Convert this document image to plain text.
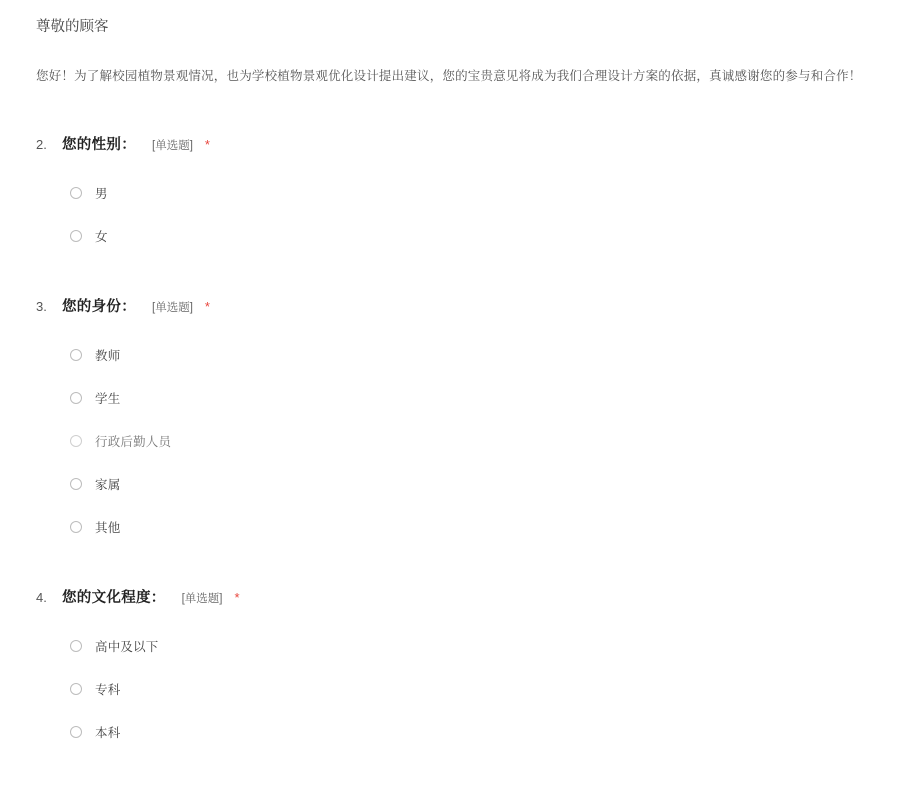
尊敬的顾客
您好！为了解校园植物景观情况，也为学校植物景观优化设计提出建议，您的宝贵意见将成为我们合理设计方案的依据，真诚感谢您的参与和合作！
2.	您的性别： [单选题] *
男
女
3.	您的身份： [单选题] *
教师
学生
行政后勤人员
家属
其他
4.	您的文化程度： [单选题] *
高中及以下
专科
本科
